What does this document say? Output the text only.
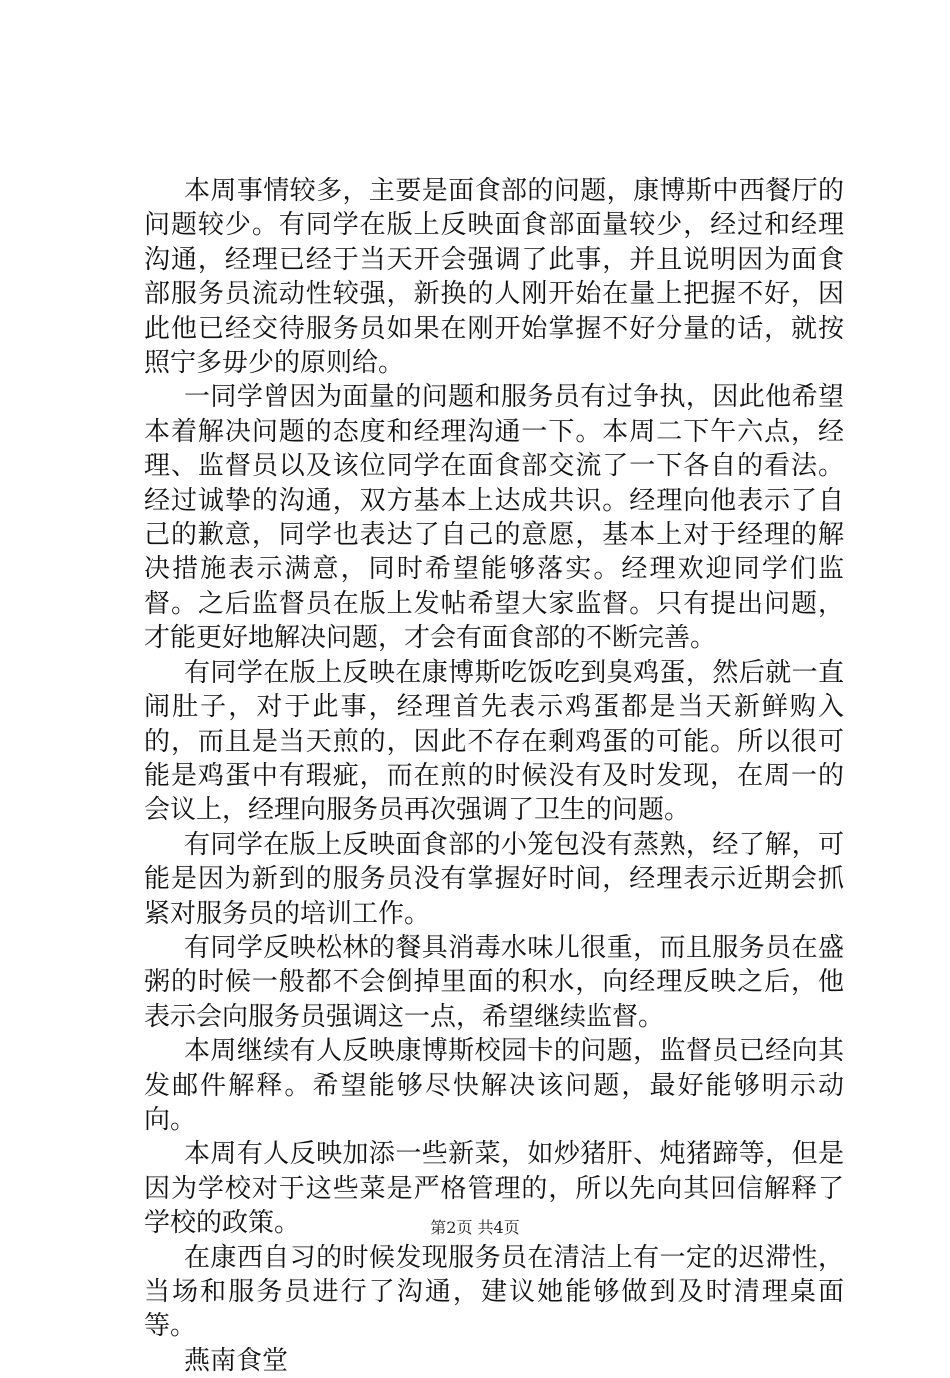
本周事情较多，主要是面食部的问题，康博斯中西餐厅的问题较少。有同学在版上反映面食部面量较少，经过和经理沟通，经理已经于当天开会强调了此事，并且说明因为面食部服务员流动性较强，新换的人刚开始在量上把握不好，因此他已经交待服务员如果在刚开始掌握不好分量的话，就按照宁多毋少的原则给。

一同学曾因为面量的问题和服务员有过争执，因此他希望本着解决问题的态度和经理沟通一下。本周二下午六点，经理、监督员以及该位同学在面食部交流了一下各自的看法。经过诚挚的沟通，双方基本上达成共识。经理向他表示了自己的歉意，同学也表达了自己的意愿，基本上对于经理的解决措施表示满意，同时希望能够落实。经理欢迎同学们监督。之后监督员在版上发帖希望大家监督。只有提出问题，才能更好地解决问题，才会有面食部的不断完善。

有同学在版上反映在康博斯吃饭吃到臭鸡蛋，然后就一直闹肚子，对于此事，经理首先表示鸡蛋都是当天新鲜购入的，而且是当天煎的，因此不存在剩鸡蛋的可能。所以很可能是鸡蛋中有瑕疵，而在煎的时候没有及时发现，在周一的会议上，经理向服务员再次强调了卫生的问题。

有同学在版上反映面食部的小笼包没有蒸熟，经了解，可能是因为新到的服务员没有掌握好时间，经理表示近期会抓紧对服务员的培训工作。

有同学反映松林的餐具消毒水味儿很重，而且服务员在盛粥的时候一般都不会倒掉里面的积水，向经理反映之后，他表示会向服务员强调这一点，希望继续监督。

本周继续有人反映康博斯校园卡的问题，监督员已经向其发邮件解释。希望能够尽快解决该问题，最好能够明示动向。

本周有人反映加添一些新菜，如炒猪肝、炖猪蹄等，但是因为学校对于这些菜是严格管理的，所以先向其回信解释了学校的政策。

在康西自习的时候发现服务员在清洁上有一定的迟滞性，当场和服务员进行了沟通，建议她能够做到及时清理桌面等。

燕南食堂

第2页 共4页
